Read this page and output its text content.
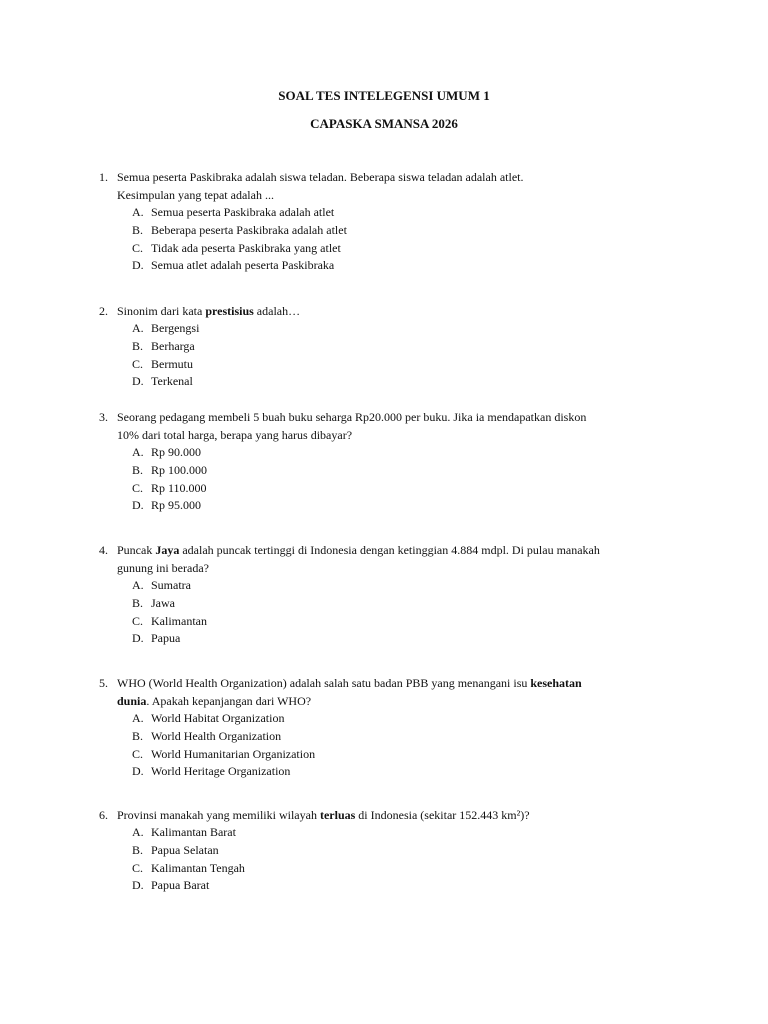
SOAL TES INTELEGENSI UMUM 1

CAPASKA SMANSA 2026

1. Semua peserta Paskibraka adalah siswa teladan. Beberapa siswa teladan adalah atlet.
Kesimpulan yang tepat adalah ...
A. Semua peserta Paskibraka adalah atlet
B. Beberapa peserta Paskibraka adalah atlet
C. Tidak ada peserta Paskibraka yang atlet
D. Semua atlet adalah peserta Paskibraka
2. Sinonim dari kata prestisius adalah…
A. Bergengsi
B. Berharga
C. Bermutu
D. Terkenal
3. Seorang pedagang membeli 5 buah buku seharga Rp20.000 per buku. Jika ia mendapatkan diskon
10% dari total harga, berapa yang harus dibayar?
A. Rp 90.000
B. Rp 100.000
C. Rp 110.000
D. Rp 95.000
4. Puncak Jaya adalah puncak tertinggi di Indonesia dengan ketinggian 4.884 mdpl. Di pulau manakah
gunung ini berada?
A. Sumatra
B. Jawa
C. Kalimantan
D. Papua
5. WHO (World Health Organization) adalah salah satu badan PBB yang menangani isu kesehatan
dunia. Apakah kepanjangan dari WHO?
A. World Habitat Organization
B. World Health Organization
C. World Humanitarian Organization
D. World Heritage Organization
6. Provinsi manakah yang memiliki wilayah terluas di Indonesia (sekitar 152.443 km²)?
A. Kalimantan Barat
B. Papua Selatan
C. Kalimantan Tengah
D. Papua Barat
